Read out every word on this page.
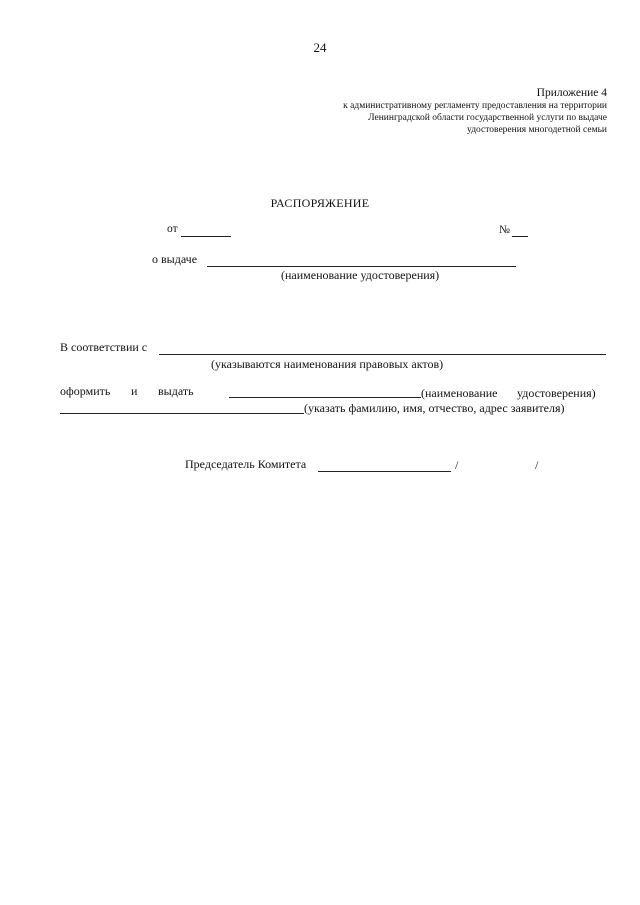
24
Приложение 4
к административному регламенту предоставления на территории
Ленинградской области государственной услуги по выдаче
удостоверения многодетной семьи
РАСПОРЯЖЕНИЕ
от	№
о выдаче
(наименование удостоверения)
В соответствии с
(указываются наименования правовых актов)
оформить и выдать	(наименование удостоверения)
(указать фамилию, имя, отчество, адрес заявителя)
Председатель Комитета	/	/
